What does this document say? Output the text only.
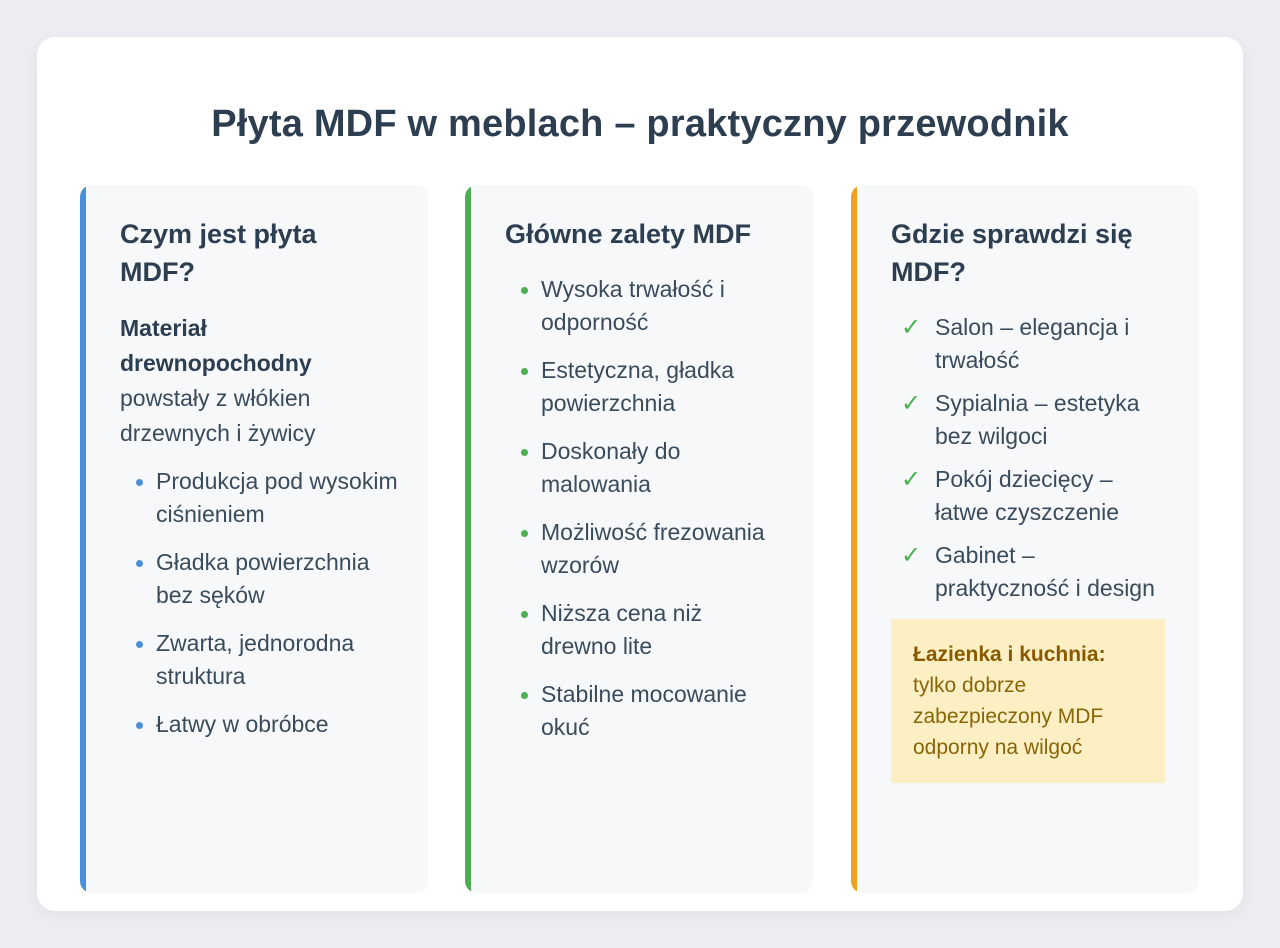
Płyta MDF w meblach – praktyczny przewodnik
Czym jest płyta MDF?

Materiał drewnopochodny powstały z włókien drzewnych i żywicy

Produkcja pod wysokim ciśnieniem
Gładka powierzchnia bez sęków
Zwarta, jednorodna struktura
Łatwy w obróbce
Główne zalety MDF
Wysoka trwałość i odporność
Estetyczna, gładka powierzchnia
Doskonały do malowania
Możliwość frezowania wzorów
Niższa cena niż drewno lite
Stabilne mocowanie okuć
Gdzie sprawdzi się MDF?
✓ Salon – elegancja i trwałość
✓ Sypialnia – estetyka bez wilgoci
✓ Pokój dziecięcy – łatwe czyszczenie
✓ Gabinet – praktyczność i design
Łazienka i kuchnia: tylko dobrze zabezpieczony MDF odporny na wilgoć
